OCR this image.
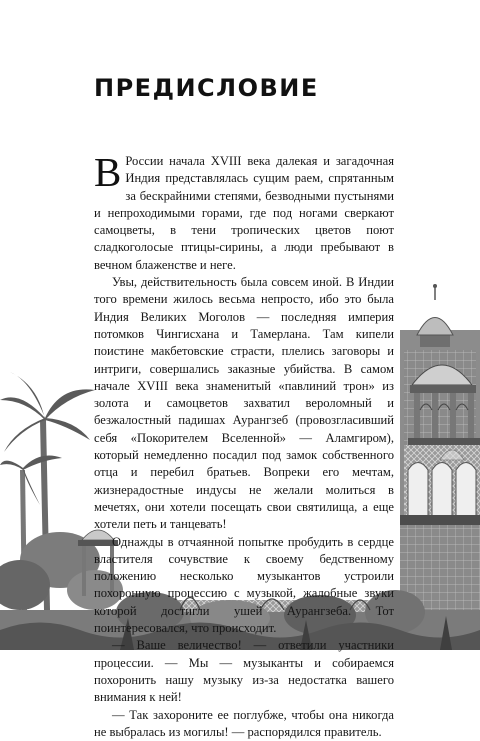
ПРЕДИСЛОВИЕ

В России начала XVIII века далекая и загадочная Индия представлялась сущим раем, спрятанным за бескрайними степями, безводными пустынями и непроходимыми горами, где под ногами сверкают самоцветы, в тени тропических цветов поют сладкоголосые птицы-сирины, а люди пребывают в вечном блаженстве и неге.

Увы, действительность была совсем иной. В Индии того времени жилось весьма непросто, ибо это была Индия Великих Моголов — последняя империя потомков Чингисхана и Тамерлана. Там кипели поистине макбетовские страсти, плелись заговоры и интриги, совершались заказные убийства. В самом начале XVIII века знаменитый «павлиний трон» из золота и самоцветов захватил вероломный и безжалостный падишах Аурангзеб (провозгласивший себя «Покорителем Вселенной» — Аламгиром), который немедленно посадил под замок собственного отца и перебил братьев. Вопреки его мечтам, жизнерадостные индусы не желали молиться в мечетях, они хотели посещать свои святилища, а еще хотели петь и танцевать!

Однажды в отчаянной попытке пробудить в сердце властителя сочувствие к своему бедственному положению несколько музыкантов устроили похоронную процессию с музыкой, жалобные звуки которой достигли ушей Аурангзеба. Тот поинтересовался, что происходит.

— Ваше величество! — ответили участники процессии. — Мы — музыканты и собираемся похоронить нашу музыку из-за недостатка вашего внимания к ней!

— Так захороните ее поглубже, чтобы она никогда не выбралась из могилы! — распорядился правитель.
